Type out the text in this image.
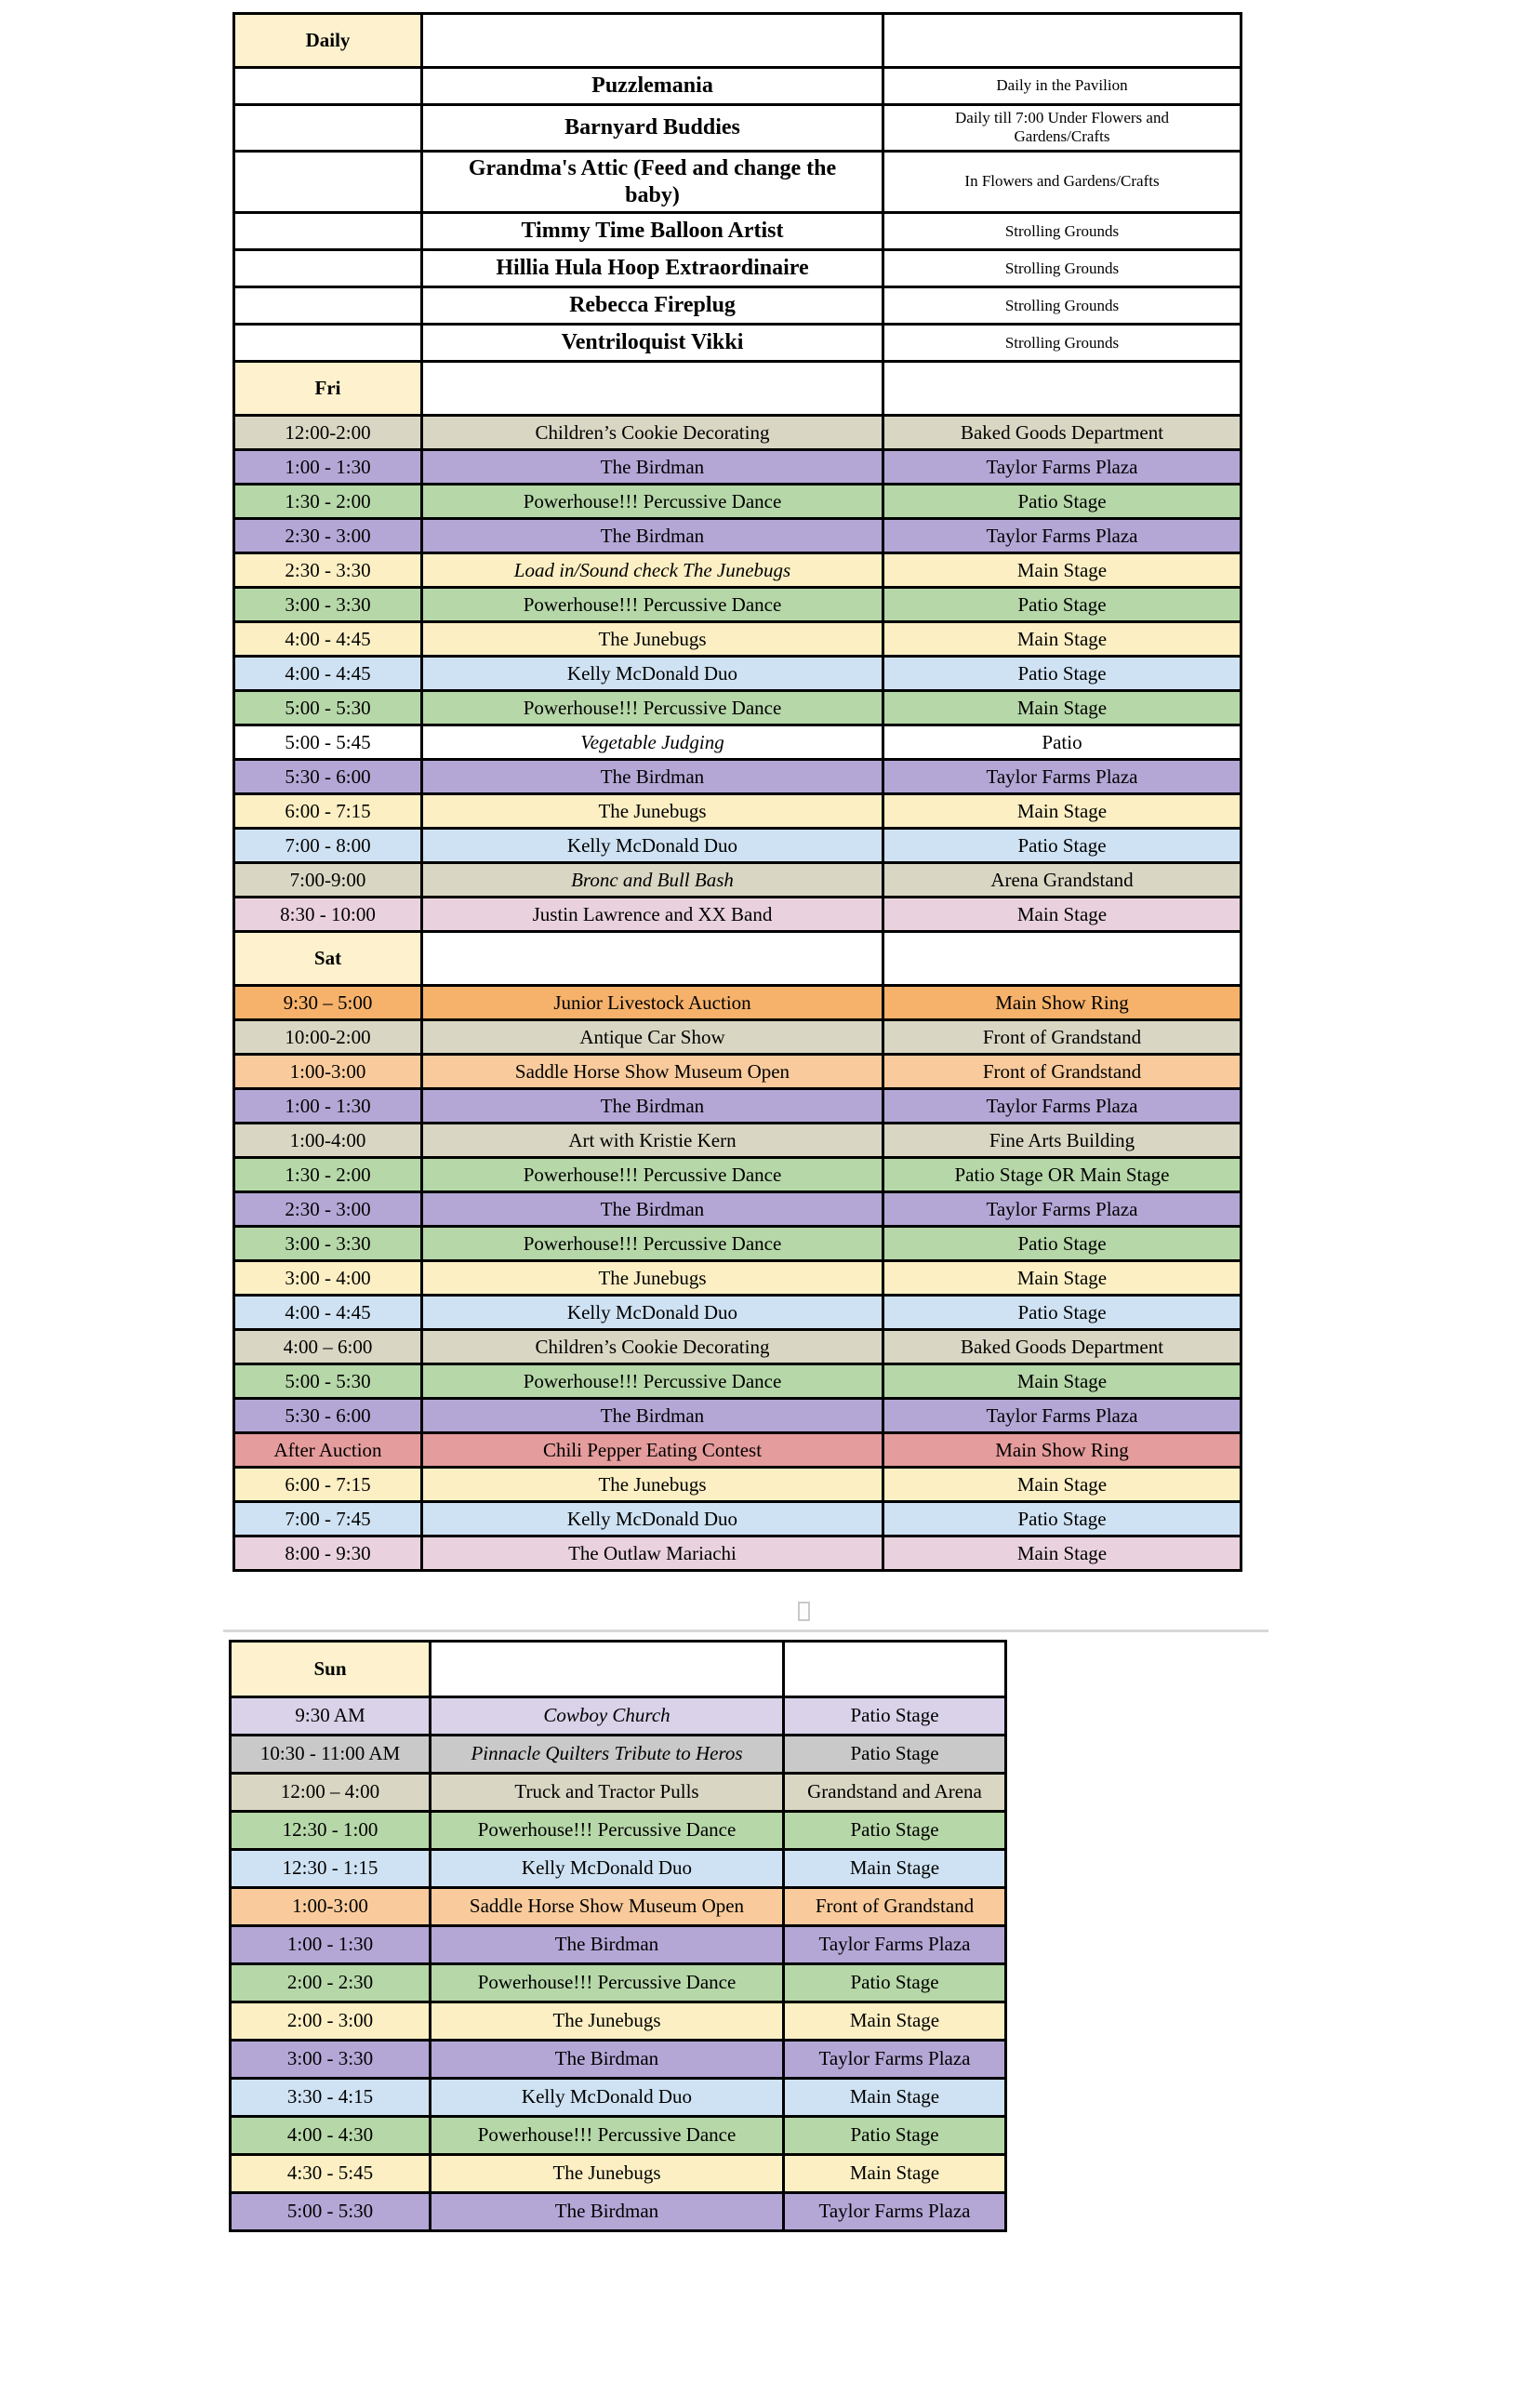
Daily		
	Puzzlemania	Daily in the Pavilion
	Barnyard Buddies	Daily till 7:00 Under Flowers and Gardens/Crafts
	Grandma's Attic (Feed and change the baby)	In Flowers and Gardens/Crafts
	Timmy Time Balloon Artist	Strolling Grounds
	Hillia Hula Hoop Extraordinaire	Strolling Grounds
	Rebecca Fireplug	Strolling Grounds
	Ventriloquist Vikki	Strolling Grounds
Fri		
12:00-2:00	Children’s Cookie Decorating	Baked Goods Department
1:00 - 1:30	The Birdman	Taylor Farms Plaza
1:30 - 2:00	Powerhouse!!! Percussive Dance	Patio Stage
2:30 - 3:00	The Birdman	Taylor Farms Plaza
2:30 - 3:30	Load in/Sound check The Junebugs	Main Stage
3:00 - 3:30	Powerhouse!!! Percussive Dance	Patio Stage
4:00 - 4:45	The Junebugs	Main Stage
4:00 - 4:45	Kelly McDonald Duo	Patio Stage
5:00 - 5:30	Powerhouse!!! Percussive Dance	Main Stage
5:00 - 5:45	Vegetable Judging	Patio
5:30 - 6:00	The Birdman	Taylor Farms Plaza
6:00 - 7:15	The Junebugs	Main Stage
7:00 - 8:00	Kelly McDonald Duo	Patio Stage
7:00-9:00	Bronc and Bull Bash	Arena Grandstand
8:30 - 10:00	Justin Lawrence and XX Band	Main Stage
Sat		
9:30 – 5:00	Junior Livestock Auction	Main Show Ring
10:00-2:00	Antique Car Show	Front of Grandstand
1:00-3:00	Saddle Horse Show Museum Open	Front of Grandstand
1:00 - 1:30	The Birdman	Taylor Farms Plaza
1:00-4:00	Art with Kristie Kern	Fine Arts Building
1:30 - 2:00	Powerhouse!!! Percussive Dance	Patio Stage OR Main Stage
2:30 - 3:00	The Birdman	Taylor Farms Plaza
3:00 - 3:30	Powerhouse!!! Percussive Dance	Patio Stage
3:00 - 4:00	The Junebugs	Main Stage
4:00 - 4:45	Kelly McDonald Duo	Patio Stage
4:00 – 6:00	Children’s Cookie Decorating	Baked Goods Department
5:00 - 5:30	Powerhouse!!! Percussive Dance	Main Stage
5:30 - 6:00	The Birdman	Taylor Farms Plaza
After Auction	Chili Pepper Eating Contest	Main Show Ring
6:00 - 7:15	The Junebugs	Main Stage
7:00 - 7:45	Kelly McDonald Duo	Patio Stage
8:00 - 9:30	The Outlaw Mariachi	Main Stage
Sun		
9:30 AM	Cowboy Church	Patio Stage
10:30 - 11:00 AM	Pinnacle Quilters Tribute to Heros	Patio Stage
12:00 – 4:00	Truck and Tractor Pulls	Grandstand and Arena
12:30 - 1:00	Powerhouse!!! Percussive Dance	Patio Stage
12:30 - 1:15	Kelly McDonald Duo	Main Stage
1:00-3:00	Saddle Horse Show Museum Open	Front of Grandstand
1:00 - 1:30	The Birdman	Taylor Farms Plaza
2:00 - 2:30	Powerhouse!!! Percussive Dance	Patio Stage
2:00 - 3:00	The Junebugs	Main Stage
3:00 - 3:30	The Birdman	Taylor Farms Plaza
3:30 - 4:15	Kelly McDonald Duo	Main Stage
4:00 - 4:30	Powerhouse!!! Percussive Dance	Patio Stage
4:30 - 5:45	The Junebugs	Main Stage
5:00 - 5:30	The Birdman	Taylor Farms Plaza
